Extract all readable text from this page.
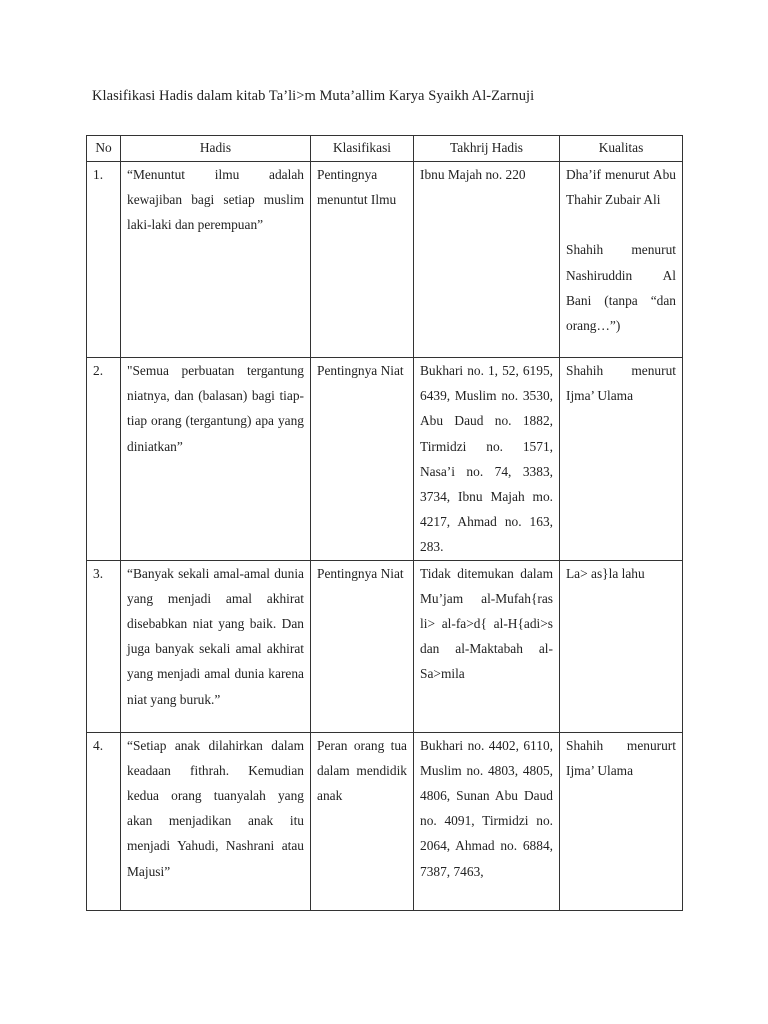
Klasifikasi Hadis dalam kitab Ta’li>m Muta’allim Karya Syaikh Al-Zarnuji
No	Hadis	Klasifikasi	Takhrij Hadis	Kualitas
1.	“Menuntut ilmu adalah kewajiban bagi setiap muslim laki-laki dan perempuan”	Pentingnya menuntut Ilmu	Ibnu Majah no. 220	Dha’if menurut Abu Thahir Zubair Ali
Shahih menurut Nashiruddin Al Bani (tanpa “dan orang…”)

2.	"Semua perbuatan tergantung niatnya, dan (balasan) bagi tiap-tiap orang (tergantung) apa yang diniatkan”	Pentingnya Niat	Bukhari no. 1, 52, 6195, 6439, Muslim no. 3530, Abu Daud no. 1882, Tirmidzi no. 1571, Nasa’i no. 74, 3383, 3734, Ibnu Majah mo. 4217, Ahmad no. 163, 283.	Shahih menurut Ijma’ Ulama

3.	“Banyak sekali amal-amal dunia yang menjadi amal akhirat disebabkan niat yang baik. Dan juga banyak sekali amal akhirat yang menjadi amal dunia karena niat yang buruk.”	Pentingnya Niat	Tidak ditemukan dalam Mu’jam al-Mufah{ras li> al-fa>d{ al-H{adi>s dan al-Maktabah al-Sa>mila	La> as}la lahu

4.	“Setiap anak dilahirkan dalam keadaan fithrah. Kemudian kedua orang tuanyalah yang akan menjadikan anak itu menjadi Yahudi, Nashrani atau Majusi”	Peran orang tua dalam mendidik anak	Bukhari no. 4402, 6110, Muslim no. 4803, 4805, 4806, Sunan Abu Daud no. 4091, Tirmidzi no. 2064, Ahmad no. 6884, 7387, 7463,	Shahih menururt Ijma’ Ulama
